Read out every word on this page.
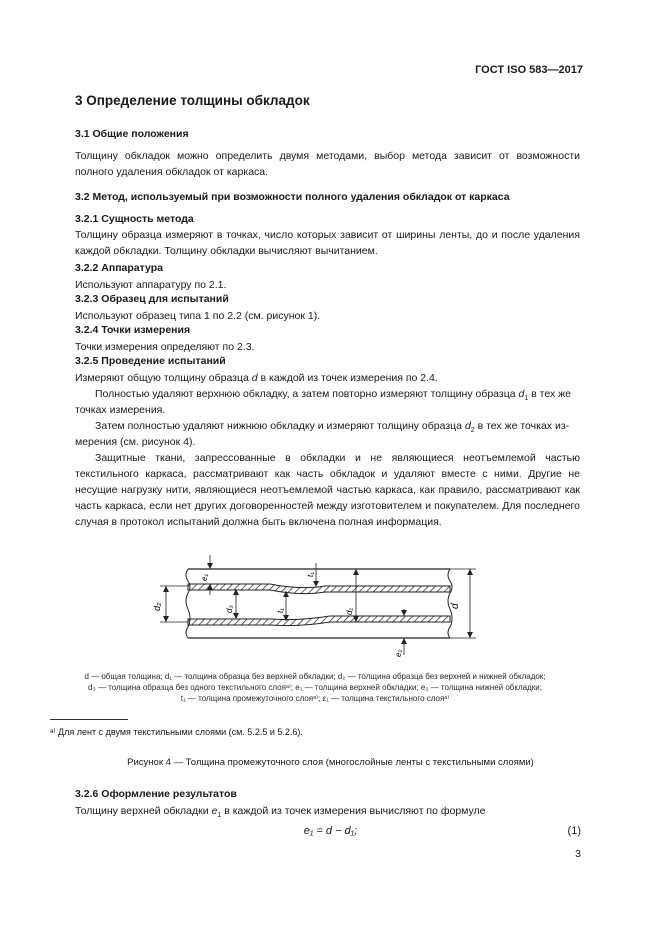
ГОСТ ISO 583—2017
3 Определение толщины обкладок
3.1 Общие положения
Толщину обкладок можно определить двумя методами, выбор метода зависит от возможности полного удаления обкладок от каркаса.
3.2 Метод, используемый при возможности полного удаления обкладок от каркаса
3.2.1 Сущность метода
Толщину образца измеряют в точках, число которых зависит от ширины ленты, до и после удаления каждой обкладки. Толщину обкладки вычисляют вычитанием.
3.2.2 Аппаратура
Используют аппаратуру по 2.1.
3.2.3 Образец для испытаний
Используют образец типа 1 по 2.2 (см. рисунок 1).
3.2.4 Точки измерения
Точки измерения определяют по 2.3.
3.2.5 Проведение испытаний
Измеряют общую толщину образца d в каждой из точек измерения по 2.4.
Полностью удаляют верхнюю обкладку, а затем повторно измеряют толщину образца $d_1$ в тех же
точках измерения.
Затем полностью удаляют нижнюю обкладку и измеряют толщину образца $d_2$ в тех же точках из-
мерения (см. рисунок 4).
Защитные ткани, запрессованные в обкладки и не являющиеся неотъемлемой частью текстильного каркаса, рассматривают как часть обкладок и удаляют вместе с ними. Другие не несущие нагрузку нити, являющиеся неотъемлемой частью каркаса, как правило, рассматривают как часть каркаса, если нет других договоренностей между изготовителем и покупателем. Для последнего случая в протокол испытаний должна быть включена полная информация.
d
d₂
e₁
d₃	t₁
t₁
d₁
e₂
d — общая толщина; d₁ — толщина образца без верхней обкладки; d₂ — толщина образца без верхней и нижней обкладок;
d₃ — толщина образца без одного текстильного слояᵃ⁾; e₁ — толщина верхней обкладки; e₂ — толщина нижней обкладки;
t₁ — толщина промежуточного слояᵃ⁾; ε₁ — толщина текстильного слояᵃ⁾
ᵃ⁾ Для лент с двумя текстильными слоями (см. 5.2.5 и 5.2.6).
Рисунок 4 — Толщина промежуточного слоя (многослойные ленты с текстильными слоями)
3.2.6 Оформление результатов
Толщину верхней обкладки $e_1$ в каждой из точек измерения вычисляют по формуле
e₁ = d − d₁;	(1)
3
